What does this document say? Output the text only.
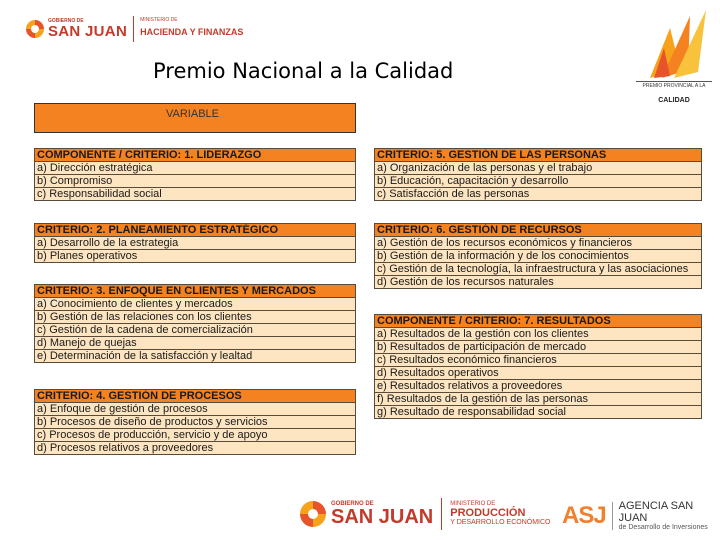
GOBIERNO DE
SAN JUAN
MINISTERIO DE
HACIENDA Y FINANZAS
Premio Nacional a la Calidad
PREMIO PROVINCIAL A LA
CALIDAD
VARIABLE
COMPONENTE / CRITERIO: 1. LIDERAZGO
a) Dirección estratégica
b) Compromiso
c) Responsabilidad social
CRITERIO: 2. PLANEAMIENTO ESTRATÉGICO
a) Desarrollo de la estrategia
b) Planes operativos
CRITERIO: 3. ENFOQUE EN CLIENTES Y MERCADOS
a) Conocimiento de clientes y mercados
b) Gestión de las relaciones con los clientes
c) Gestión de la cadena de comercialización
d) Manejo de quejas
e) Determinación de la satisfacción y lealtad
CRITERIO: 4. GESTIÓN DE PROCESOS
a) Enfoque de gestión de procesos
b) Procesos de diseño de productos y servicios
c) Procesos de producción, servicio y de apoyo
d) Procesos relativos a proveedores
CRITERIO: 5. GESTIÓN DE LAS PERSONAS
a) Organización de las personas y el trabajo
b) Educación, capacitación y desarrollo
c) Satisfacción de las personas
CRITERIO: 6. GESTIÓN DE RECURSOS
a) Gestión de los recursos económicos y financieros
b) Gestión de la información y de los conocimientos
c) Gestión de la tecnología, la infraestructura y las asociaciones
d) Gestión de los recursos naturales
COMPONENTE / CRITERIO: 7. RESULTADOS
a) Resultados de la gestión con los clientes
b) Resultados de participación de mercado
c) Resultados económico financieros
d) Resultados operativos
e) Resultados relativos a proveedores
f) Resultados de la gestión de las personas
g) Resultado de responsabilidad social
GOBIERNO DE
SAN JUAN
MINISTERIO DE
PRODUCCIÓN
Y DESARROLLO ECONÓMICO ASJ AGENCIA SAN JUAN
de Desarrollo de Inversiones
